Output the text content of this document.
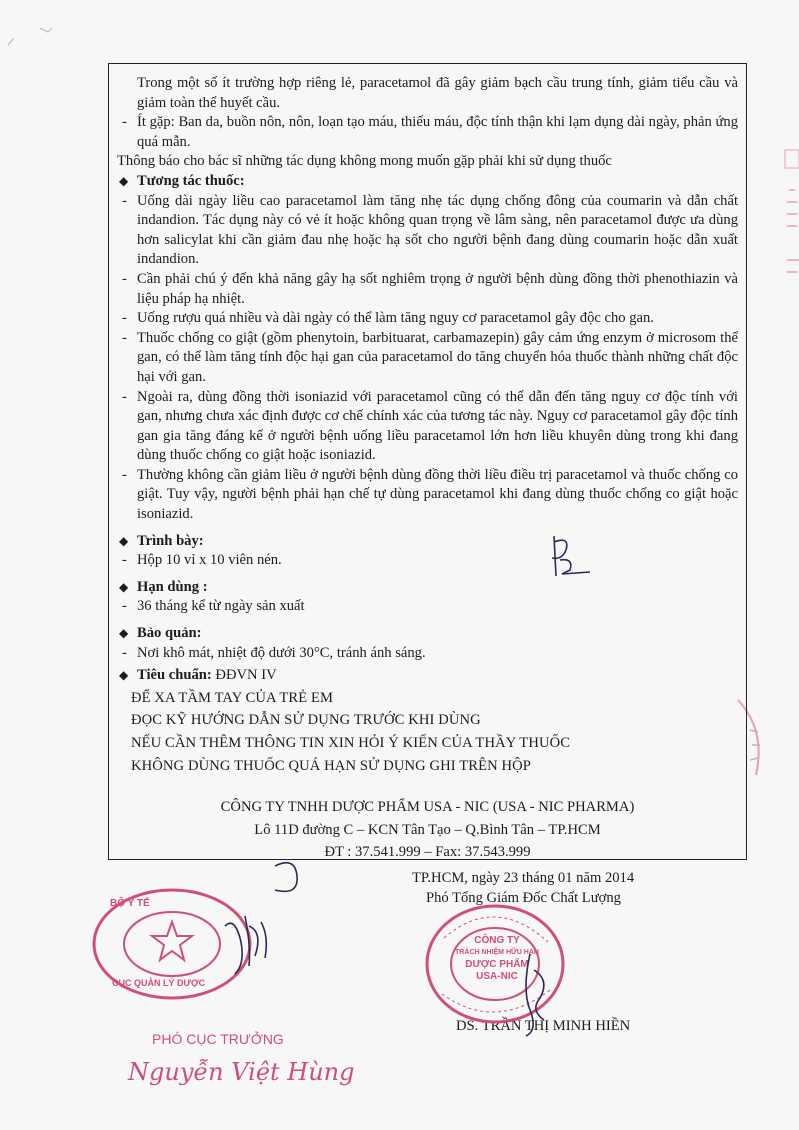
Trong một số ít trường hợp riêng lẻ, paracetamol đã gây giảm bạch cầu trung tính, giảm tiểu cầu và giảm toàn thể huyết cầu.

- Ít gặp: Ban da, buồn nôn, nôn, loạn tạo máu, thiếu máu, độc tính thận khi lạm dụng dài ngày, phản ứng quá mẫn.

Thông báo cho bác sĩ những tác dụng không mong muốn gặp phải khi sử dụng thuốc

◆ Tương tác thuốc:

- Uống dài ngày liều cao paracetamol làm tăng nhẹ tác dụng chống đông của coumarin và dẫn chất indandion. Tác dụng này có vẻ ít hoặc không quan trọng về lâm sàng, nên paracetamol được ưa dùng hơn salicylat khi cần giảm đau nhẹ hoặc hạ sốt cho người bệnh đang dùng coumarin hoặc dẫn xuất indandion.

- Cần phải chú ý đến khả năng gây hạ sốt nghiêm trọng ở người bệnh dùng đồng thời phenothiazin và liệu pháp hạ nhiệt.

- Uống rượu quá nhiều và dài ngày có thể làm tăng nguy cơ paracetamol gây độc cho gan.

- Thuốc chống co giật (gồm phenytoin, barbituarat, carbamazepin) gây cảm ứng enzym ở microsom thể gan, có thể làm tăng tính độc hại gan của paracetamol do tăng chuyển hóa thuốc thành những chất độc hại với gan.

- Ngoài ra, dùng đồng thời isoniazid với paracetamol cũng có thể dẫn đến tăng nguy cơ độc tính với gan, nhưng chưa xác định được cơ chế chính xác của tương tác này. Nguy cơ paracetamol gây độc tính gan gia tăng đáng kể ở người bệnh uống liều paracetamol lớn hơn liều khuyên dùng trong khi đang dùng thuốc chống co giật hoặc isoniazid.

- Thường không cần giảm liều ở người bệnh dùng đồng thời liều điều trị paracetamol và thuốc chống co giật. Tuy vậy, người bệnh phải hạn chế tự dùng paracetamol khi đang dùng thuốc chống co giật hoặc isoniazid.

◆ Trình bày:

- Hộp 10 vỉ x 10 viên nén.

◆ Hạn dùng :

- 36 tháng kể từ ngày sản xuất

◆ Bảo quản:

- Nơi khô mát, nhiệt độ dưới 30°C, tránh ánh sáng.

◆ Tiêu chuẩn: ĐĐVN IV

ĐỂ XA TẦM TAY CỦA TRẺ EM

ĐỌC KỸ HƯỚNG DẪN SỬ DỤNG TRƯỚC KHI DÙNG

NẾU CẦN THÊM THÔNG TIN XIN HỎI Ý KIẾN CỦA THẦY THUỐC

KHÔNG DÙNG THUỐC QUÁ HẠN SỬ DỤNG GHI TRÊN HỘP

CÔNG TY TNHH DƯỢC PHẨM USA - NIC (USA - NIC PHARMA)

Lô 11D đường C – KCN Tân Tạo – Q.Bình Tân – TP.HCM

ĐT : 37.541.999 – Fax: 37.543.999

TP.HCM, ngày 23 tháng 01 năm 2014
Phó Tổng Giám Đốc Chất Lượng
DS. TRẦN THỊ MINH HIỀN
CÔNG TY
TRÁCH NHIỆM HỮU HẠN
DƯỢC PHẨM
USA-NIC
BỘ Y TẾ
CỤC QUẢN LÝ DƯỢC
PHÓ CỤC TRƯỞNG
Nguyễn Việt Hùng
